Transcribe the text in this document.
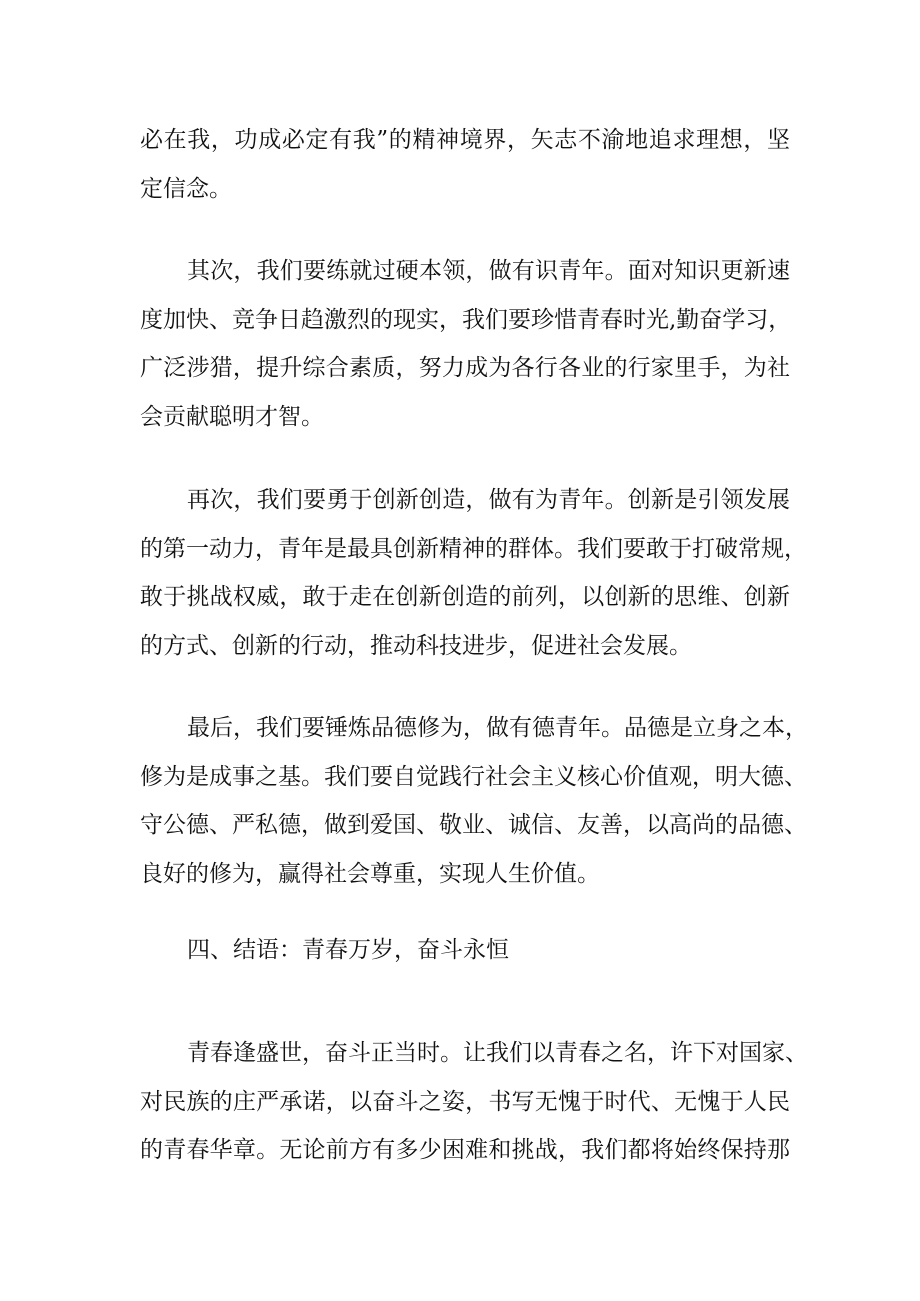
必在我，功成必定有我”的精神境界，矢志不渝地追求理想，坚
定信念。
其次，我们要练就过硬本领，做有识青年。面对知识更新速
度加快、竞争日趋激烈的现实，我们要珍惜青春时光,勤奋学习，
广泛涉猎，提升综合素质，努力成为各行各业的行家里手，为社
会贡献聪明才智。
再次，我们要勇于创新创造，做有为青年。创新是引领发展
的第一动力，青年是最具创新精神的群体。我们要敢于打破常规，
敢于挑战权威，敢于走在创新创造的前列，以创新的思维、创新
的方式、创新的行动，推动科技进步，促进社会发展。
最后，我们要锤炼品德修为，做有德青年。品德是立身之本，
修为是成事之基。我们要自觉践行社会主义核心价值观，明大德、
守公德、严私德，做到爱国、敬业、诚信、友善，以高尚的品德、
良好的修为，赢得社会尊重，实现人生价值。
四、结语：青春万岁，奋斗永恒
青春逢盛世，奋斗正当时。让我们以青春之名，许下对国家、
对民族的庄严承诺，以奋斗之姿，书写无愧于时代、无愧于人民
的青春华章。无论前方有多少困难和挑战，我们都将始终保持那
